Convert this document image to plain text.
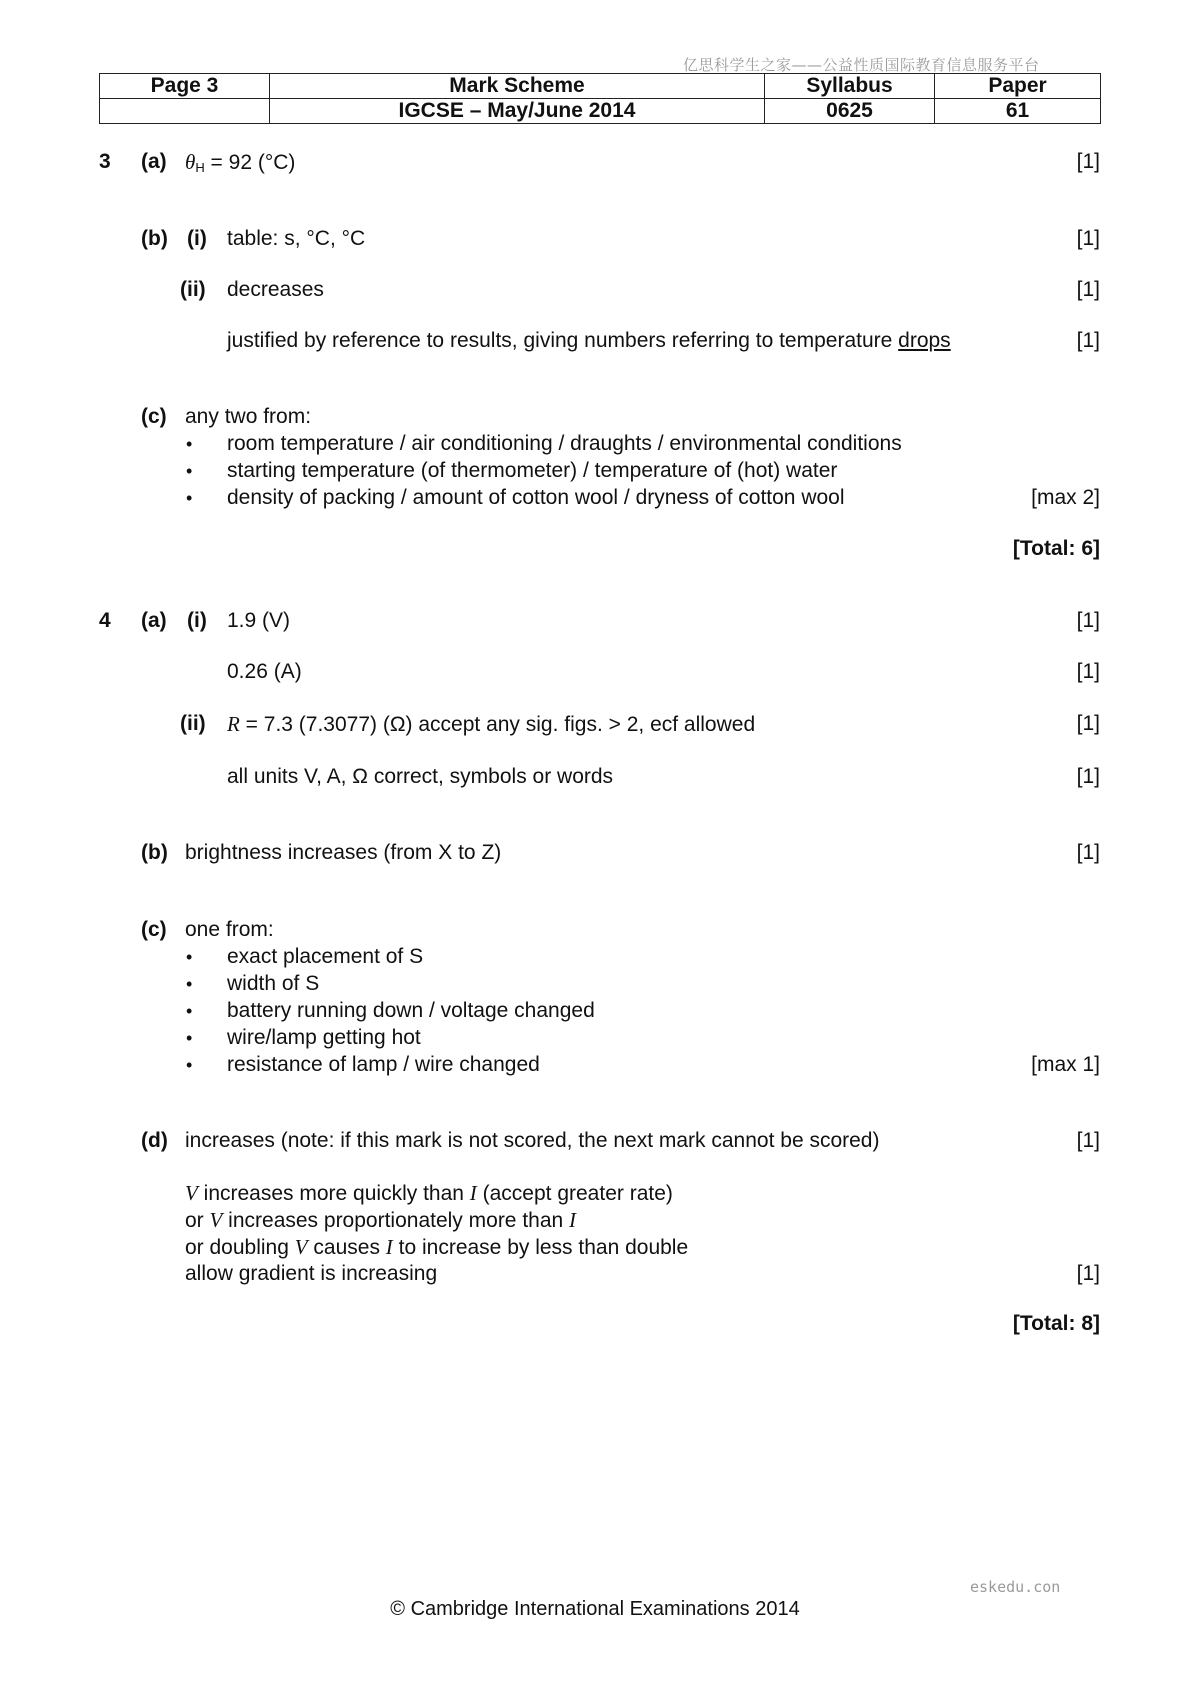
亿思科学生之家——公益性质国际教育信息服务平台
Page 3	Mark Scheme	Syllabus	Paper
	IGCSE – May/June 2014	0625	61
3 (a) $\theta_H = 92$ (°C)	[1]
(b) (i) table: s, °C, °C	[1]
(ii) decreases	[1]
justified by reference to results, giving numbers referring to temperature drops	[1]
(c) any two from:
• room temperature / air conditioning / draughts / environmental conditions
• starting temperature (of thermometer) / temperature of (hot) water
• density of packing / amount of cotton wool / dryness of cotton wool	[max 2]
[Total: 6]
4 (a) (i) 1.9 (V)	[1]
0.26 (A)	[1]
(ii) R = 7.3 (7.3077) (Ω) accept any sig. figs. > 2, ecf allowed	[1]
all units V, A, Ω correct, symbols or words	[1]
(b) brightness increases (from X to Z)	[1]
(c) one from:
• exact placement of S
• width of S
• battery running down / voltage changed
• wire/lamp getting hot
• resistance of lamp / wire changed	[max 1]
(d) increases (note: if this mark is not scored, the next mark cannot be scored)	[1]
V increases more quickly than I (accept greater rate)
or V increases proportionately more than I
or doubling V causes I to increase by less than double
allow gradient is increasing	[1]
[Total: 8]
eskedu.con
© Cambridge International Examinations 2014
